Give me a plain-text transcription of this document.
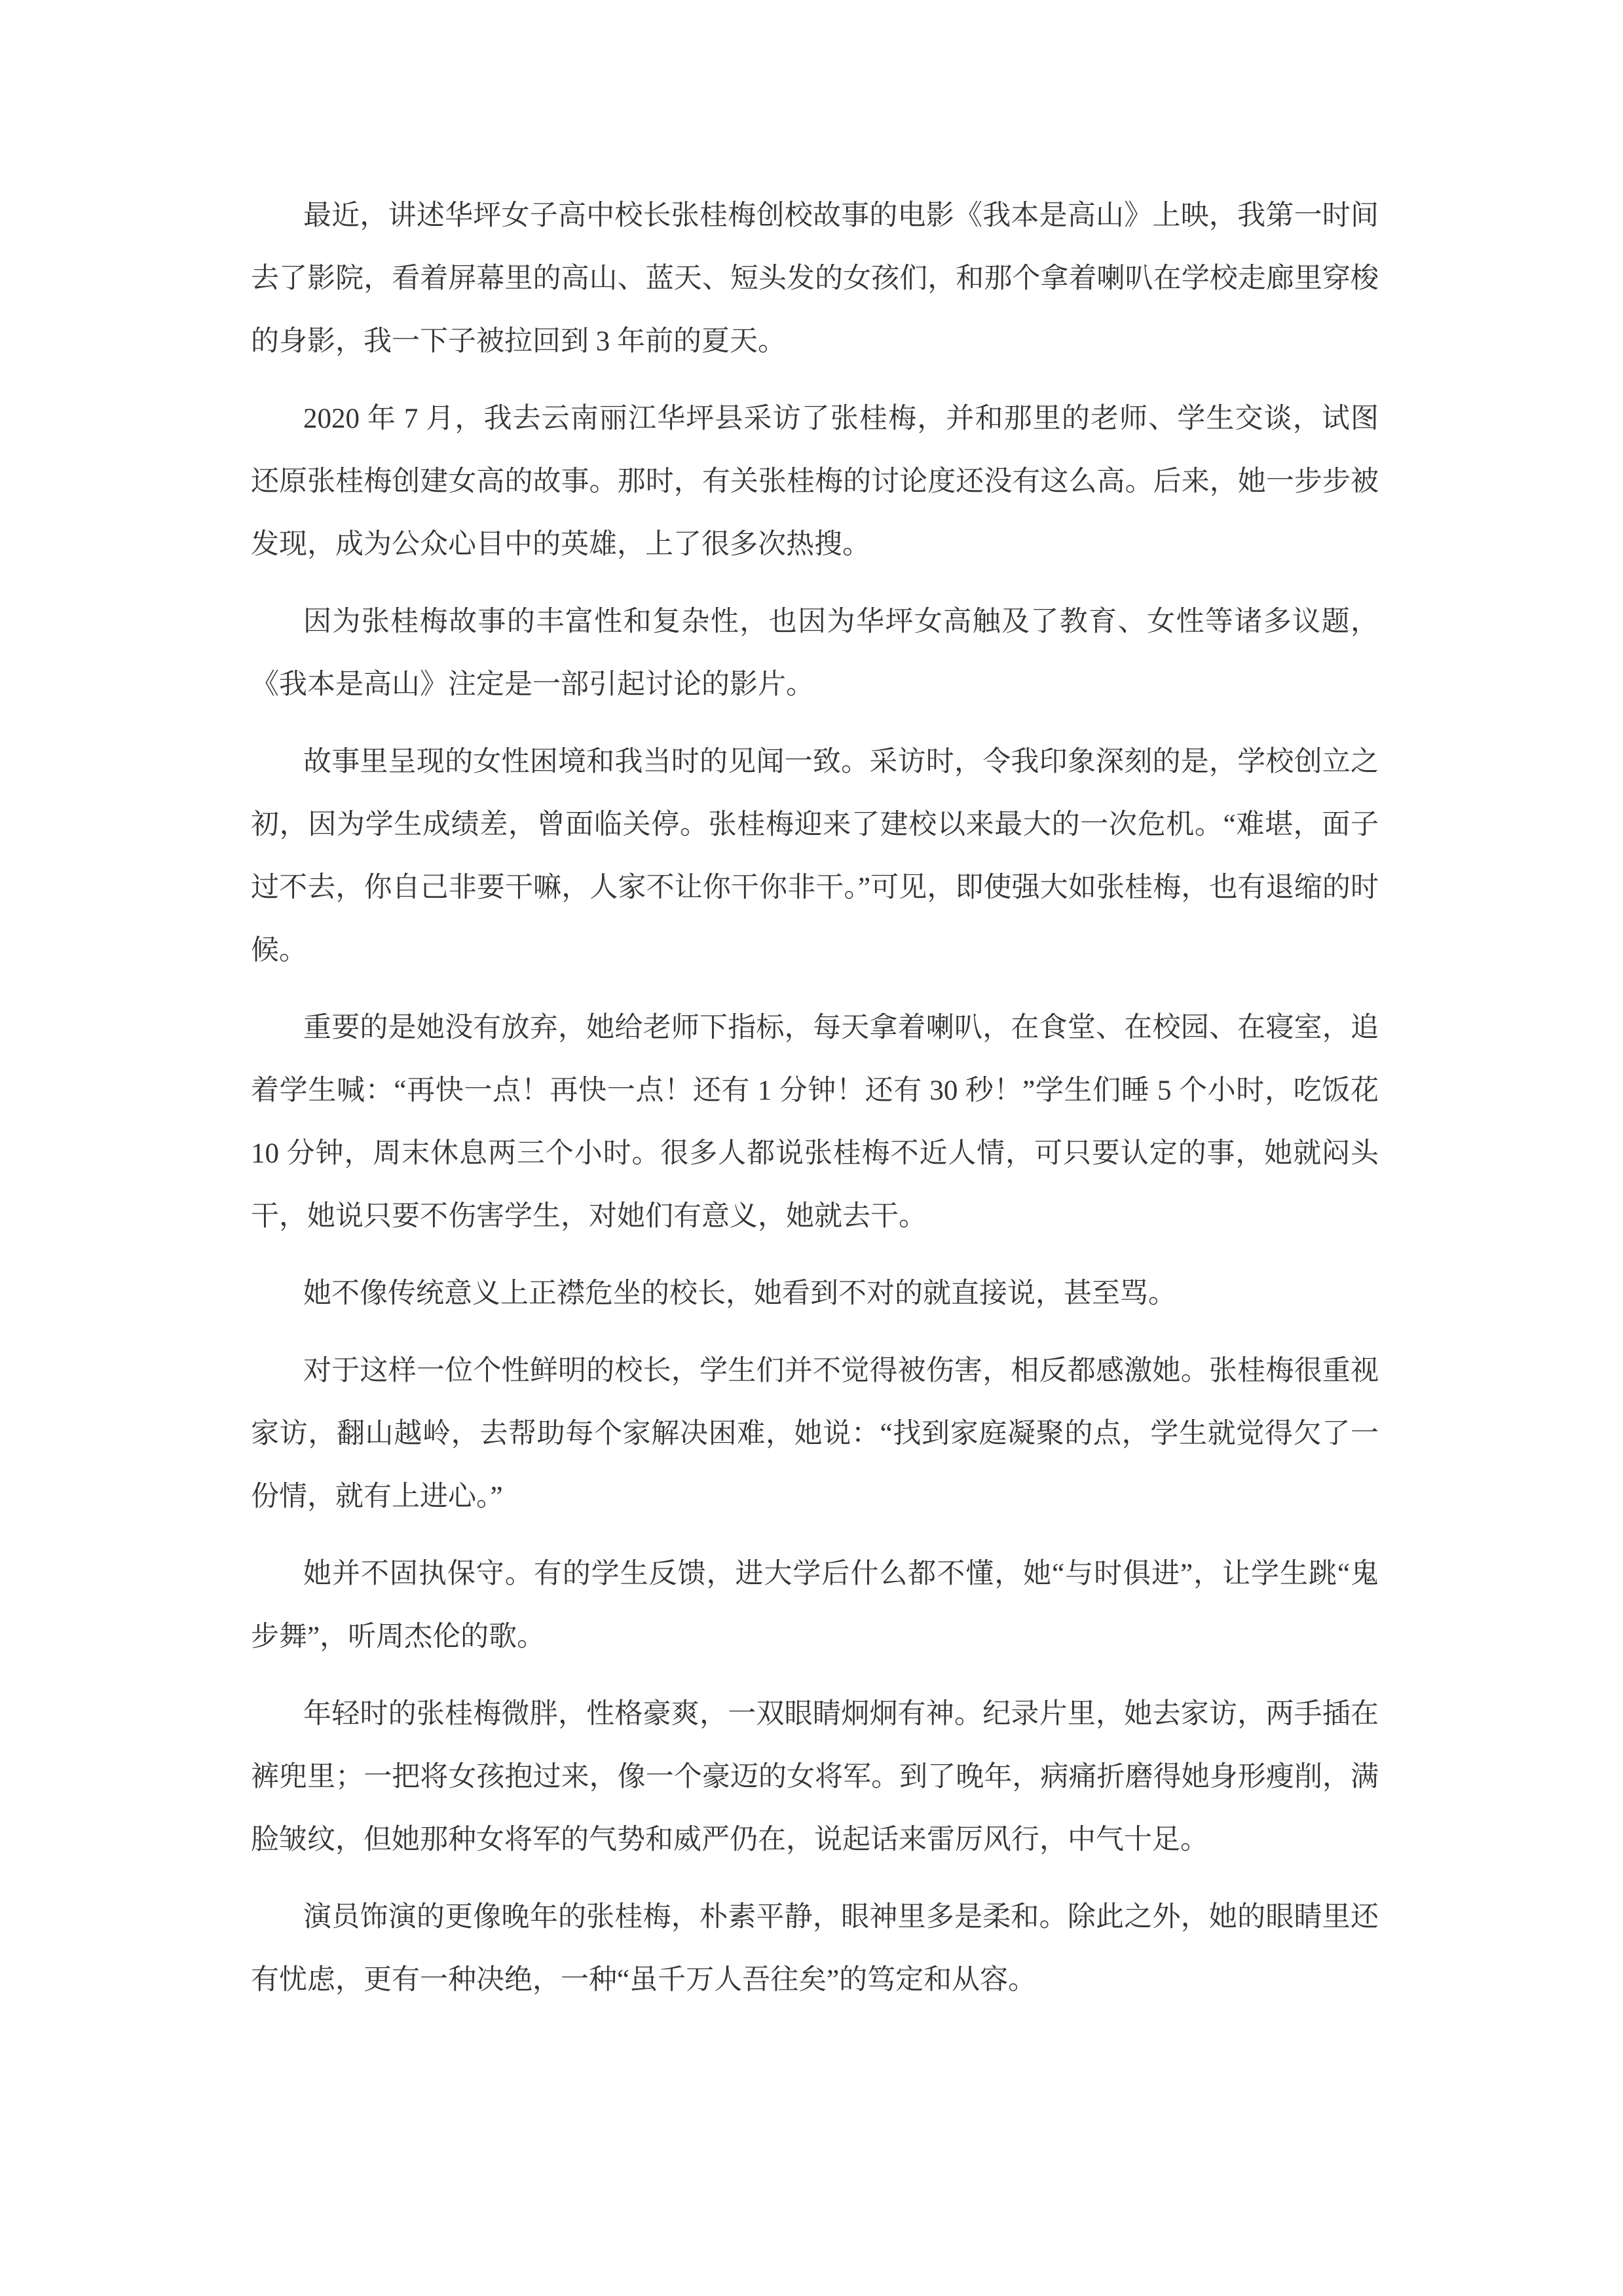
最近，讲述华坪女子高中校长张桂梅创校故事的电影《我本是高山》上映，我第一时间去了影院，看着屏幕里的高山、蓝天、短头发的女孩们，和那个拿着喇叭在学校走廊里穿梭的身影，我一下子被拉回到 3 年前的夏天。

2020 年 7 月，我去云南丽江华坪县采访了张桂梅，并和那里的老师、学生交谈，试图还原张桂梅创建女高的故事。那时，有关张桂梅的讨论度还没有这么高。后来，她一步步被发现，成为公众心目中的英雄，上了很多次热搜。

因为张桂梅故事的丰富性和复杂性，也因为华坪女高触及了教育、女性等诸多议题，《我本是高山》注定是一部引起讨论的影片。

故事里呈现的女性困境和我当时的见闻一致。采访时，令我印象深刻的是，学校创立之初，因为学生成绩差，曾面临关停。张桂梅迎来了建校以来最大的一次危机。“难堪，面子过不去，你自己非要干嘛，人家不让你干你非干。”可见，即使强大如张桂梅，也有退缩的时候。

重要的是她没有放弃，她给老师下指标，每天拿着喇叭，在食堂、在校园、在寝室，追着学生喊：“再快一点！再快一点！还有 1 分钟！还有 30 秒！”学生们睡 5 个小时，吃饭花 10 分钟，周末休息两三个小时。很多人都说张桂梅不近人情，可只要认定的事，她就闷头干，她说只要不伤害学生，对她们有意义，她就去干。

她不像传统意义上正襟危坐的校长，她看到不对的就直接说，甚至骂。

对于这样一位个性鲜明的校长，学生们并不觉得被伤害，相反都感激她。张桂梅很重视家访，翻山越岭，去帮助每个家解决困难，她说：“找到家庭凝聚的点，学生就觉得欠了一份情，就有上进心。”

她并不固执保守。有的学生反馈，进大学后什么都不懂，她“与时俱进”，让学生跳“鬼步舞”，听周杰伦的歌。

年轻时的张桂梅微胖，性格豪爽，一双眼睛炯炯有神。纪录片里，她去家访，两手插在裤兜里；一把将女孩抱过来，像一个豪迈的女将军。到了晚年，病痛折磨得她身形瘦削，满脸皱纹，但她那种女将军的气势和威严仍在，说起话来雷厉风行，中气十足。

演员饰演的更像晚年的张桂梅，朴素平静，眼神里多是柔和。除此之外，她的眼睛里还有忧虑，更有一种决绝，一种“虽千万人吾往矣”的笃定和从容。
